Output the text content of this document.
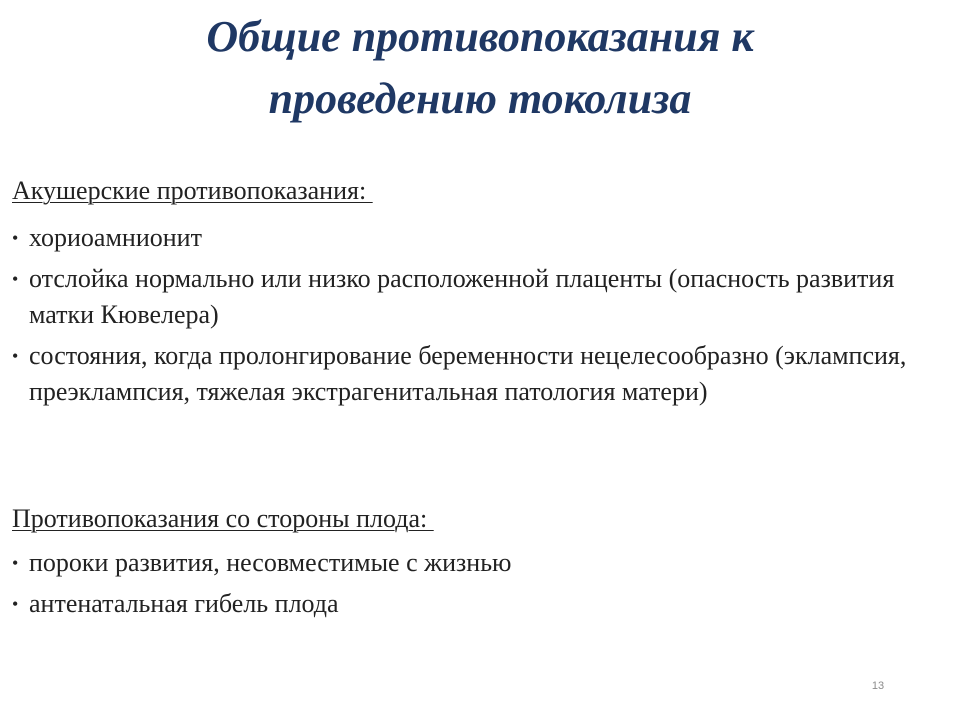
Общие противопоказания к
проведению токолиза
Акушерские противопоказания:
• хориоамнионит
• отслойка нормально или низко расположенной плаценты (опасность развития матки Кювелера)
• состояния, когда пролонгирование беременности нецелесообразно (эклампсия, преэклампсия, тяжелая экстрагенитальная патология матери)
Противопоказания со стороны плода:
• пороки развития, несовместимые с жизнью
• антенатальная гибель плода
13
